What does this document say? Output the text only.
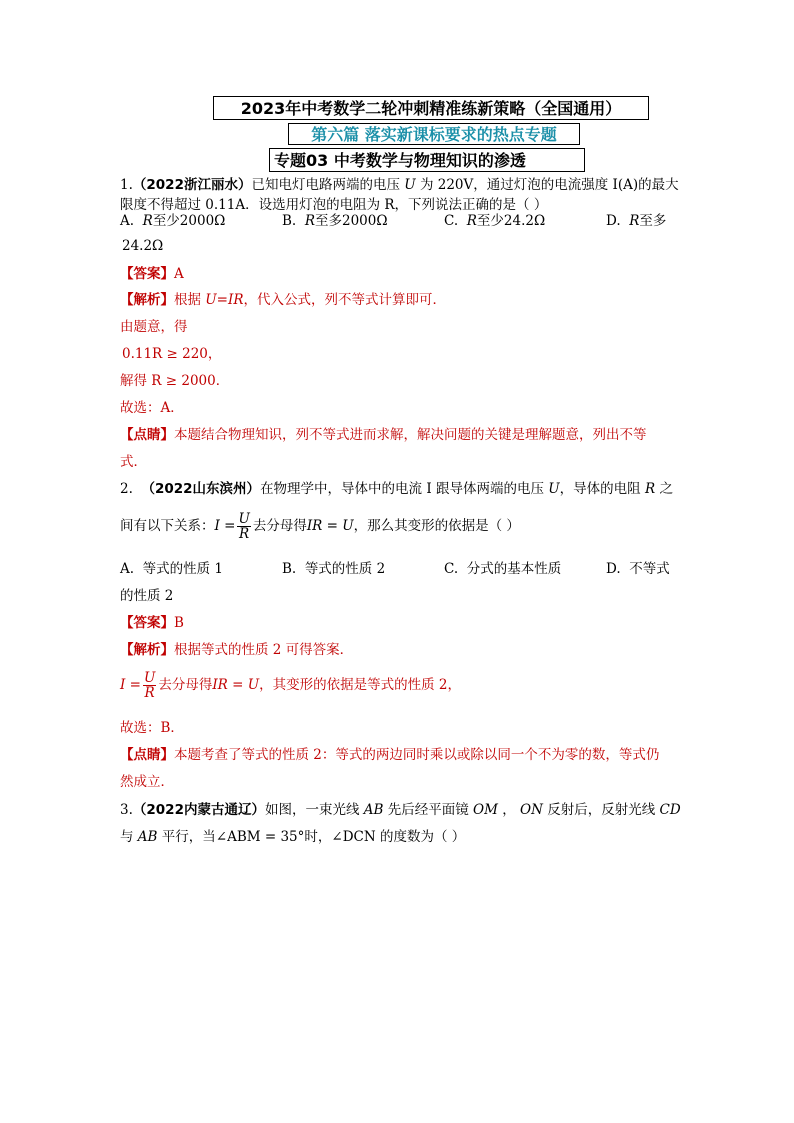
2023年中考数学二轮冲刺精准练新策略（全国通用）
第六篇 落实新课标要求的热点专题
专题03 中考数学与物理知识的渗透
1.（2022浙江丽水）已知电灯电路两端的电压 U 为 220V，通过灯泡的电流强度 I(A)的最大
限度不得超过 0.11A．设选用灯泡的电阻为 R，下列说法正确的是（ ）
A. R至少2000Ω	B. R至多2000Ω	C. R至少24.2Ω	D. R至多
24.2Ω
【答案】A
【解析】根据 U=IR，代入公式，列不等式计算即可．
由题意，得
0.11R ≥ 220，
解得 R ≥ 2000．
故选：A．
【点睛】本题结合物理知识，列不等式进而求解，解决问题的关键是理解题意，列出不等
式．
2. （2022山东滨州）在物理学中，导体中的电流 I 跟导体两端的电压 U，导体的电阻 R 之
间有以下关系：$I = \frac{U}{R}$ 去分母得IR = U，那么其变形的依据是（ ）
A. 等式的性质 1	B. 等式的性质 2	C. 分式的基本性质	D. 不等式
的性质 2
【答案】B
【解析】根据等式的性质 2 可得答案．
$I = \frac{U}{R}$ 去分母得IR = U，其变形的依据是等式的性质 2，
故选：B．
【点睛】本题考查了等式的性质 2：等式的两边同时乘以或除以同一个不为零的数，等式仍
然成立．
3.（2022内蒙古通辽）如图，一束光线 AB 先后经平面镜 OM ， ON 反射后，反射光线 CD
与 AB 平行，当∠ABM = 35°时，∠DCN 的度数为（ ）
